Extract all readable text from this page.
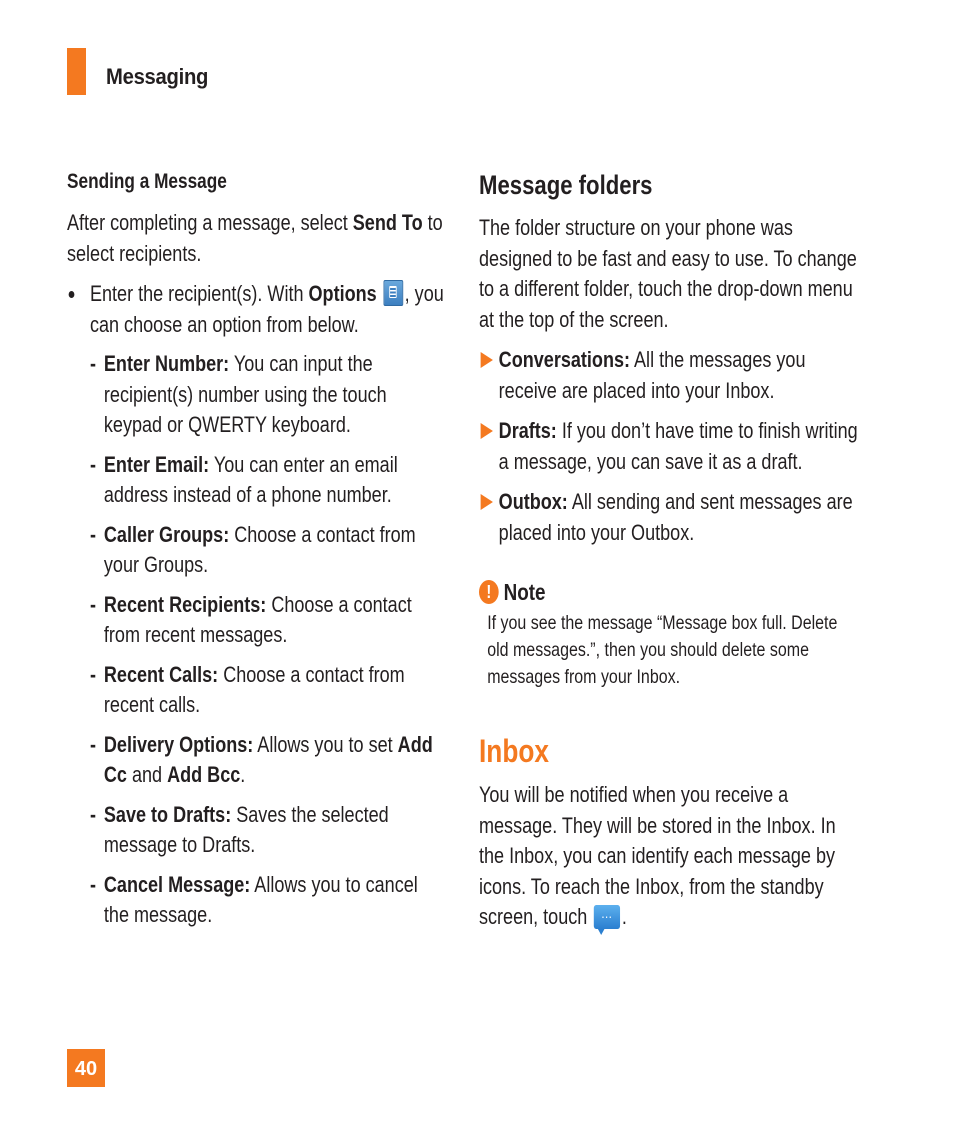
Messaging
Sending a Message

After completing a message, select Send To to select recipients.

Enter the recipient(s). With Options , you can choose an option from below.
- Enter Number: You can input the recipient(s) number using the touch keypad or QWERTY keyboard.
- Enter Email: You can enter an email address instead of a phone number.
- Caller Groups: Choose a contact from your Groups.
- Recent Recipients: Choose a contact from recent messages.
- Recent Calls: Choose a contact from recent calls.
- Delivery Options: Allows you to set Add Cc and Add Bcc.
- Save to Drafts: Saves the selected message to Drafts.
- Cancel Message: Allows you to cancel the message.
Message folders

The folder structure on your phone was designed to be fast and easy to use. To change to a different folder, touch the drop-down menu at the top of the screen.

Conversations: All the messages you receive are placed into your Inbox.
Drafts: If you don’t have time to finish writing a message, you can save it as a draft.
Outbox: All sending and sent messages are placed into your Outbox.
! Note
If you see the message “Message box full. Delete old messages.”, then you should delete some messages from your Inbox.
Inbox

You will be notified when you receive a message. They will be stored in the Inbox. In the Inbox, you can identify each message by icons. To reach the Inbox, from the standby screen, touch … .

40
